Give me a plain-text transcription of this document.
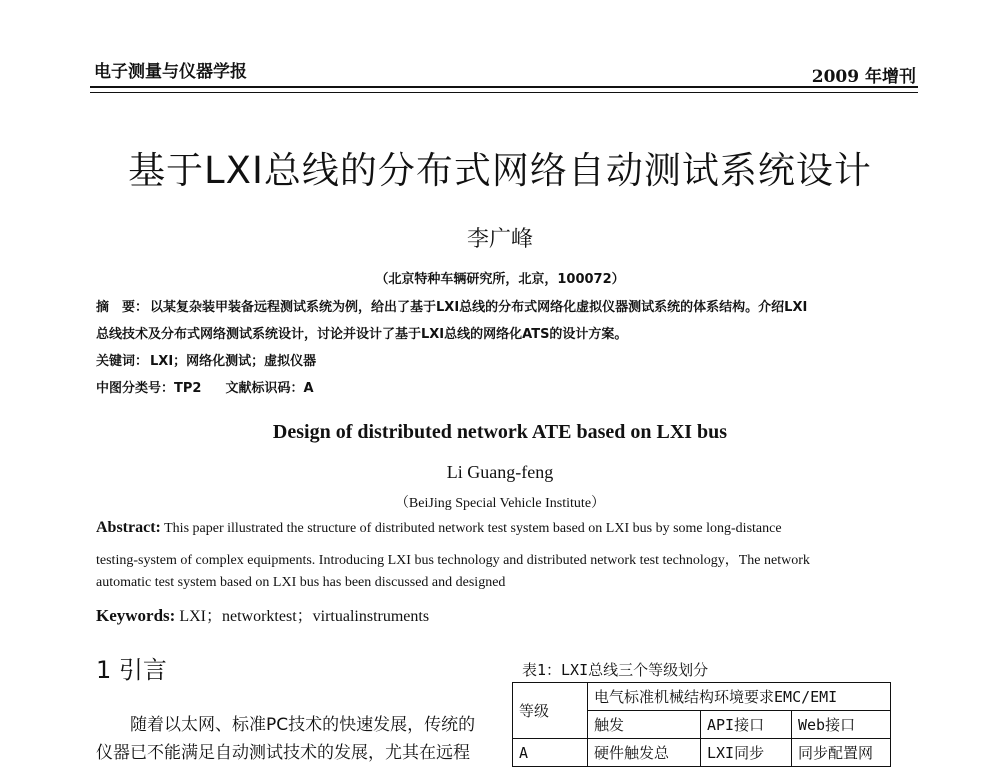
电子测量与仪器学报	2009 年增刊
基于LXI总线的分布式网络自动测试系统设计
李广峰
（北京特种车辆研究所，北京，100072）
摘　要： 以某复杂装甲装备远程测试系统为例，给出了基于LXI总线的分布式网络化虚拟仪器测试系统的体系结构。介绍LXI
总线技术及分布式网络测试系统设计，讨论并设计了基于LXI总线的网络化ATS的设计方案。
关键词： LXI；网络化测试；虚拟仪器
中图分类号：TP2 文献标识码：A
Design of distributed network ATE based on LXI bus
Li Guang-feng
（BeiJing Special Vehicle Institute）
Abstract: This paper illustrated the structure of distributed network test system based on LXI bus by some long-distance
testing-system of complex equipments. Introducing LXI bus technology and distributed network test technology，The network
automatic test system based on LXI bus has been discussed and designed
Keywords: LXI；networktest；virtualinstruments
1 引言
　　随着以太网、标准PC技术的快速发展，传统的
仪器已不能满足自动测试技术的发展，尤其在远程
表1：LXI总线三个等级划分
等级	电气标准机械结构环境要求EMC/EMI		
	触发	API接口	Web接口
A	硬件触发总	LXI同步	同步配置网
